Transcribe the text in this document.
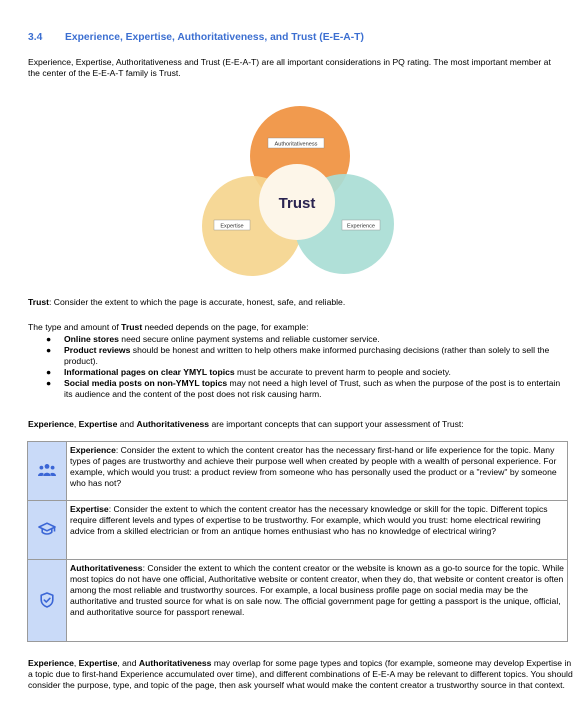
3.4 Experience, Expertise, Authoritativeness, and Trust (E-E-A-T)
Experience, Expertise, Authoritativeness and Trust (E-E-A-T) are all important considerations in PQ rating. The most important member at the center of the E-E-A-T family is Trust.
Authoritativeness
Expertise	Experience
Trust
Trust: Consider the extent to which the page is accurate, honest, safe, and reliable.
The type and amount of Trust needed depends on the page, for example:
● Online stores need secure online payment systems and reliable customer service.
● Product reviews should be honest and written to help others make informed purchasing decisions (rather than solely to sell the product).
● Informational pages on clear YMYL topics must be accurate to prevent harm to people and society.
● Social media posts on non-YMYL topics may not need a high level of Trust, such as when the purpose of the post is to entertain its audience and the content of the post does not risk causing harm.
Experience, Expertise and Authoritativeness are important concepts that can support your assessment of Trust:
	Experience: Consider the extent to which the content creator has the necessary first-hand or life experience for the topic. Many types of pages are trustworthy and achieve their purpose well when created by people with a wealth of personal experience. For example, which would you trust: a product review from someone who has personally used the product or a "review" by someone who has not?
	Expertise: Consider the extent to which the content creator has the necessary knowledge or skill for the topic. Different topics require different levels and types of expertise to be trustworthy. For example, which would you trust: home electrical rewiring advice from a skilled electrician or from an antique homes enthusiast who has no knowledge of electrical wiring?
	Authoritativeness: Consider the extent to which the content creator or the website is known as a go-to source for the topic. While most topics do not have one official, Authoritative website or content creator, when they do, that website or content creator is often among the most reliable and trustworthy sources. For example, a local business profile page on social media may be the authoritative and trusted source for what is on sale now. The official government page for getting a passport is the unique, official, and authoritative source for passport renewal.
Experience, Expertise, and Authoritativeness may overlap for some page types and topics (for example, someone may develop Expertise in a topic due to first-hand Experience accumulated over time), and different combinations of E-E-A may be relevant to different topics. You should consider the purpose, type, and topic of the page, then ask yourself what would make the content creator a trustworthy source in that context.
